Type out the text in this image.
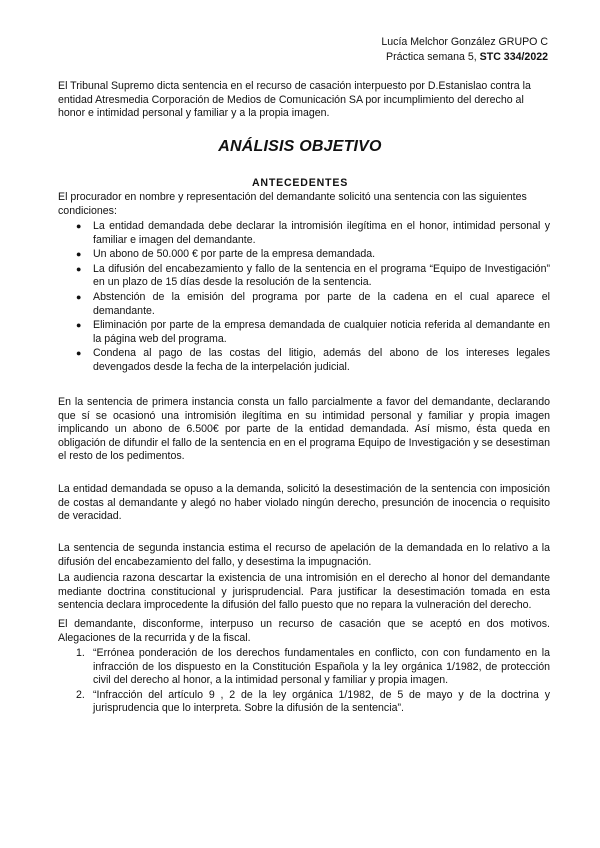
Lucía Melchor González GRUPO C
Práctica semana 5, STC 334/2022
El Tribunal Supremo dicta sentencia en el recurso de casación interpuesto por D.Estanislao contra la entidad Atresmedia Corporación de Medios de Comunicación SA por incumplimiento del derecho al honor e intimidad personal y familiar y a la propia imagen.
ANÁLISIS OBJETIVO
ANTECEDENTES
El procurador en nombre y representación del demandante solicitó una sentencia con las siguientes condiciones:
● La entidad demandada debe declarar la intromisión ilegítima en el honor, intimidad personal y familiar e imagen del demandante.
● Un abono de 50.000 € por parte de la empresa demandada.
● La difusión del encabezamiento y fallo de la sentencia en el programa “Equipo de Investigación” en un plazo de 15 días desde la resolución de la sentencia.
● Abstención de la emisión del programa por parte de la cadena en el cual aparece el demandante.
● Eliminación por parte de la empresa demandada de cualquier noticia referida al demandante en la página web del programa.
● Condena al pago de las costas del litigio, además del abono de los intereses legales devengados desde la fecha de la interpelación judicial.
En la sentencia de primera instancia consta un fallo parcialmente a favor del demandante, declarando que sí se ocasionó una intromisión ilegítima en su intimidad personal y familiar y propia imagen implicando un abono de 6.500€ por parte de la entidad demandada. Así mismo, ésta queda en obligación de difundir el fallo de la sentencia en en el programa Equipo de Investigación y se desestiman el resto de los pedimentos.
La entidad demandada se opuso a la demanda, solicitó la desestimación de la sentencia con imposición de costas al demandante y alegó no haber violado ningún derecho, presunción de inocencia o requisito de veracidad.
La sentencia de segunda instancia estima el recurso de apelación de la demandada en lo relativo a la difusión del encabezamiento del fallo, y desestima la impugnación.
La audiencia razona descartar la existencia de una intromisión en el derecho al honor del demandante mediante doctrina constitucional y jurisprudencial. Para justificar la desestimación tomada en esta sentencia declara improcedente la difusión del fallo puesto que no repara la vulneración del derecho.
El demandante, disconforme, interpuso un recurso de casación que se aceptó en dos motivos. Alegaciones de la recurrida y de la fiscal.
1. “Errónea ponderación de los derechos fundamentales en conflicto, con con fundamento en la infracción de los dispuesto en la Constitución Española y la ley orgánica 1/1982, de protección civil del derecho al honor, a la intimidad personal y familiar y propia imagen.
2. “Infracción del artículo 9 , 2 de la ley orgánica 1/1982, de 5 de mayo y de la doctrina y jurisprudencia que lo interpreta. Sobre la difusión de la sentencia”.
